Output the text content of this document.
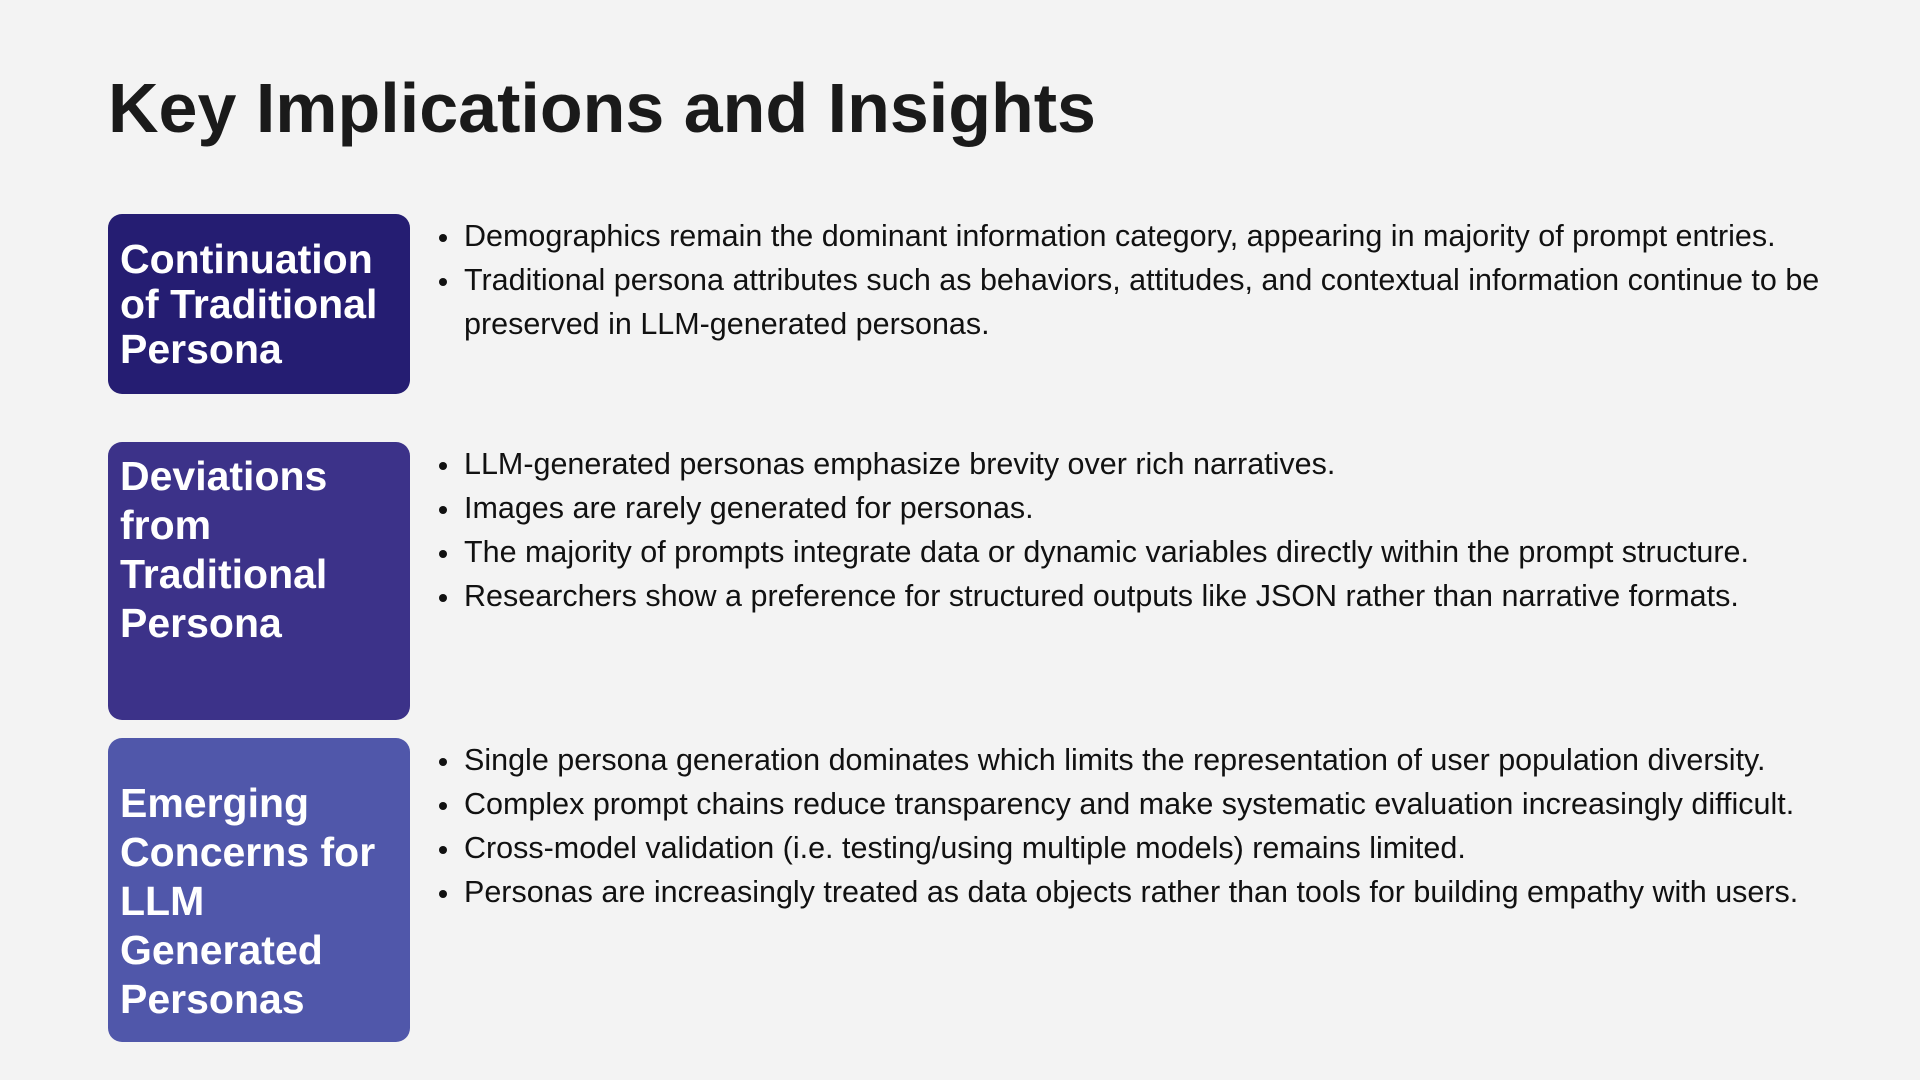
Key Implications and Insights
Continuation of Traditional Persona
Demographics remain the dominant information category, appearing in majority of prompt entries.
Traditional persona attributes such as behaviors, attitudes, and contextual information continue to be preserved in LLM-generated personas.
Deviations from Traditional Persona
LLM-generated personas emphasize brevity over rich narratives.
Images are rarely generated for personas.
The majority of prompts integrate data or dynamic variables directly within the prompt structure.
Researchers show a preference for structured outputs like JSON rather than narrative formats.
Emerging Concerns for LLM Generated Personas
Single persona generation dominates which limits the representation of user population diversity.
Complex prompt chains reduce transparency and make systematic evaluation increasingly difficult.
Cross-model validation (i.e. testing/using multiple models) remains limited.
Personas are increasingly treated as data objects rather than tools for building empathy with users.
